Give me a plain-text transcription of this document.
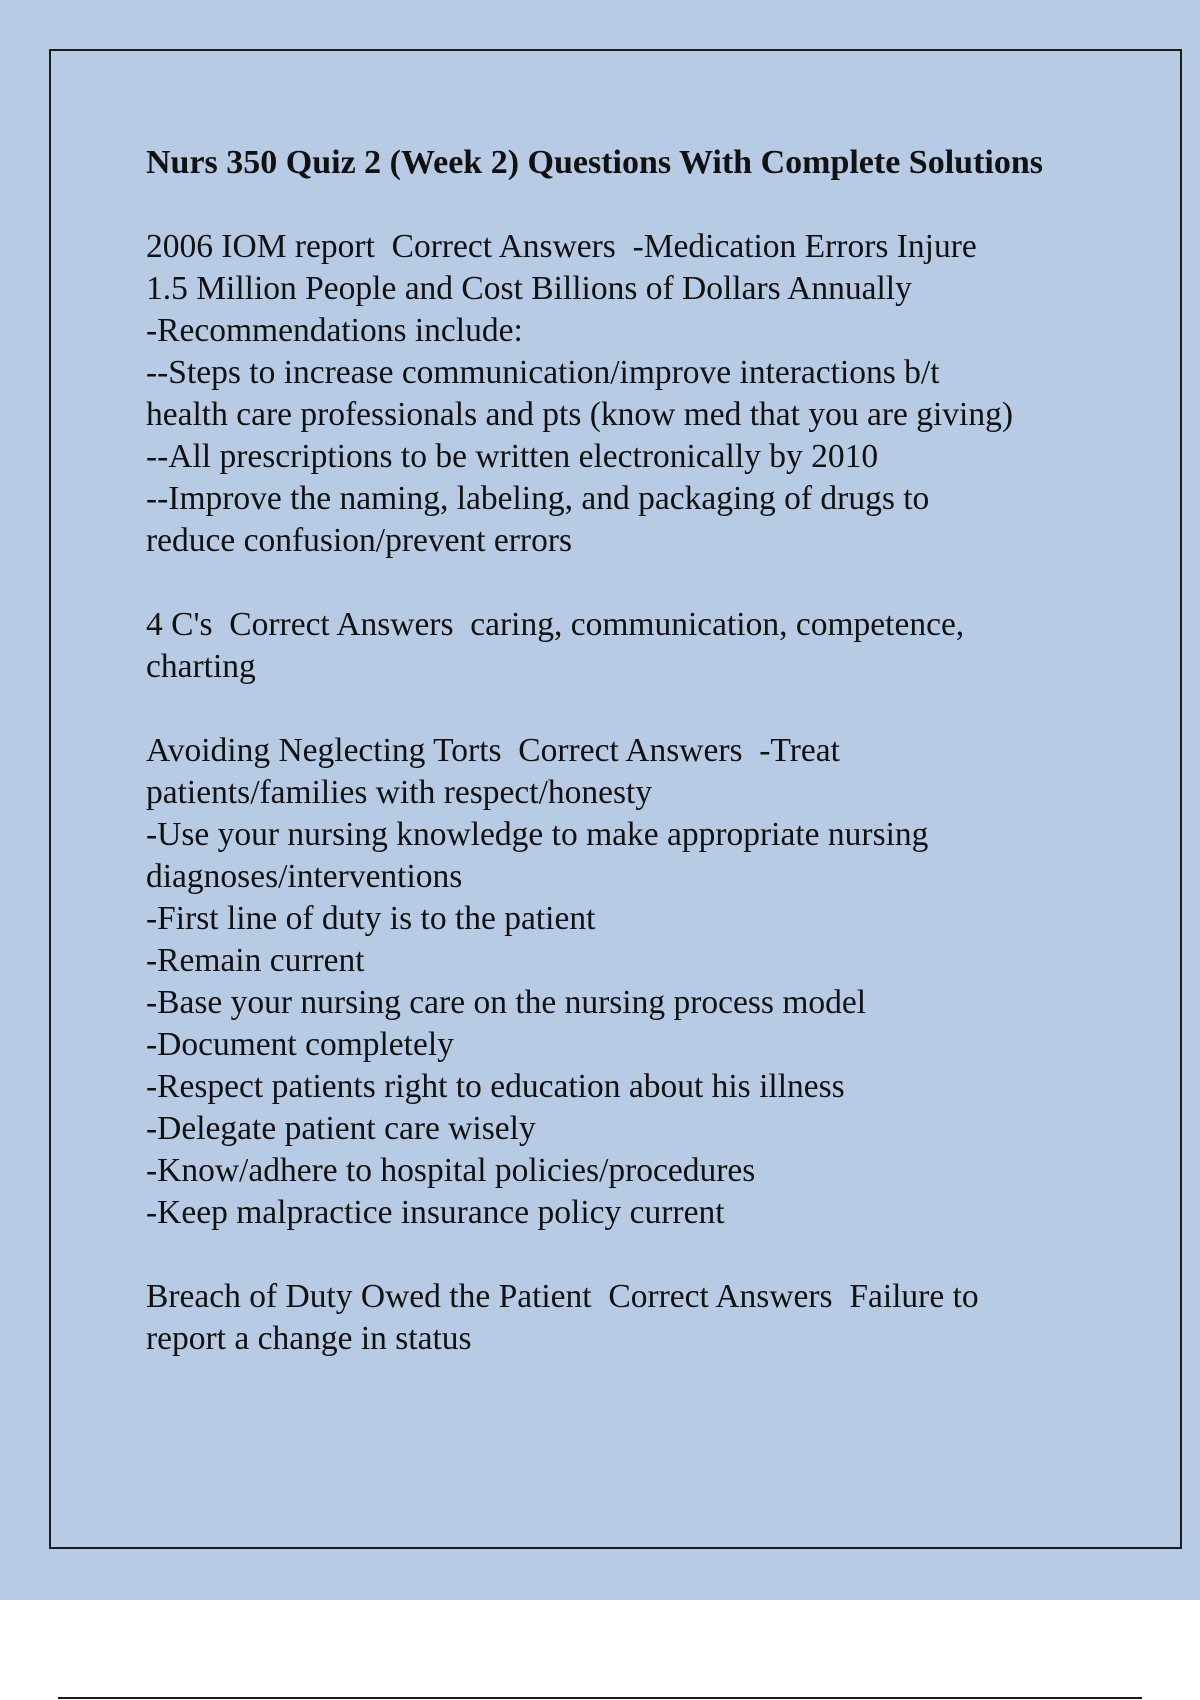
Nurs 350 Quiz 2 (Week 2) Questions With Complete Solutions
2006 IOM report  Correct Answers  -Medication Errors Injure
1.5 Million People and Cost Billions of Dollars Annually
-Recommendations include:
--Steps to increase communication/improve interactions b/t
health care professionals and pts (know med that you are giving)
--All prescriptions to be written electronically by 2010
--Improve the naming, labeling, and packaging of drugs to
reduce confusion/prevent errors
4 C's  Correct Answers  caring, communication, competence,
charting
Avoiding Neglecting Torts  Correct Answers  -Treat
patients/families with respect/honesty
-Use your nursing knowledge to make appropriate nursing
diagnoses/interventions
-First line of duty is to the patient
-Remain current
-Base your nursing care on the nursing process model
-Document completely
-Respect patients right to education about his illness
-Delegate patient care wisely
-Know/adhere to hospital policies/procedures
-Keep malpractice insurance policy current
Breach of Duty Owed the Patient  Correct Answers  Failure to
report a change in status
